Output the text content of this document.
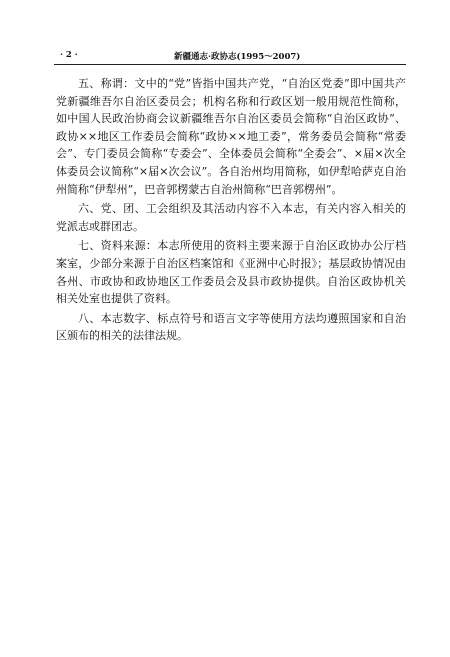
· 2 ·	新疆通志·政协志(1995～2007)

五、称谓：文中的“党”皆指中国共产党，“自治区党委”即中国共产党新疆维吾尔自治区委员会；机构名称和行政区划一般用规范性简称，如中国人民政治协商会议新疆维吾尔自治区委员会简称“自治区政协”、政协××地区工作委员会简称“政协××地工委”，常务委员会简称“常委会”、专门委员会简称“专委会”、全体委员会简称“全委会”、×届×次全体委员会议简称“×届×次会议”。各自治州均用简称，如伊犁哈萨克自治州简称“伊犁州”，巴音郭楞蒙古自治州简称“巴音郭楞州”。

六、党、团、工会组织及其活动内容不入本志，有关内容入相关的党派志或群团志。

七、资料来源：本志所使用的资料主要来源于自治区政协办公厅档案室，少部分来源于自治区档案馆和《亚洲中心时报》；基层政协情况由各州、市政协和政协地区工作委员会及县市政协提供。自治区政协机关相关处室也提供了资料。

八、本志数字、标点符号和语言文字等使用方法均遵照国家和自治区颁布的相关的法律法规。
